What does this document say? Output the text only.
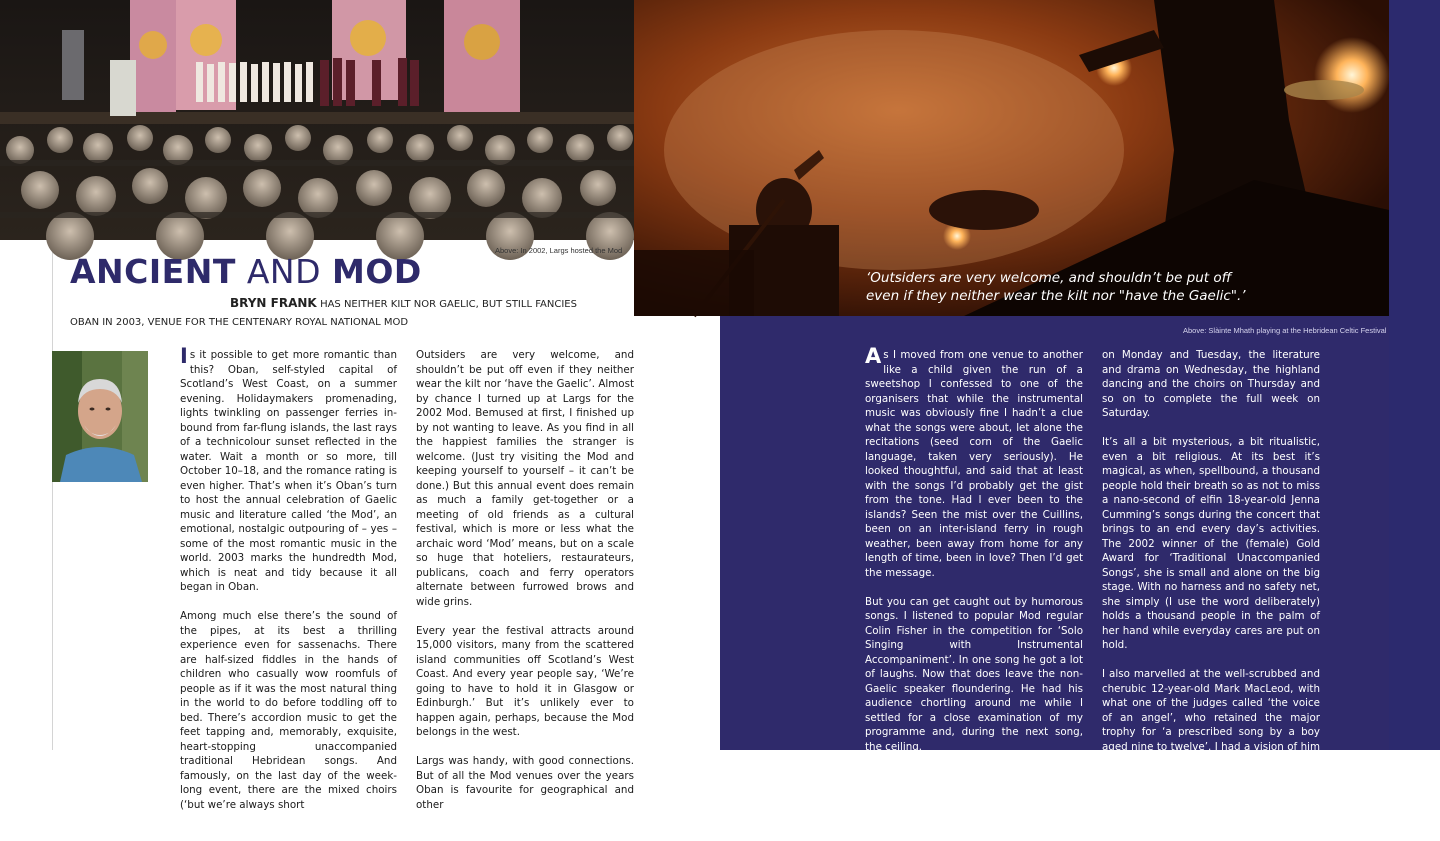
Above: In 2002, Largs hosted the Mod
‘Outsiders are very welcome, and shouldn’t be put off even if they neither wear the kilt nor "have the Gaelic".’
Above: Slàinte Mhath playing at the Hebridean Celtic Festival
ANCIENT AND MOD
BRYN FRANK HAS NEITHER KILT NOR GAELIC, BUT STILL FANCIES
OBAN IN 2003, VENUE FOR THE CENTENARY ROYAL NATIONAL MOD

Is it possible to get more romantic than this? Oban, self-styled capital of Scotland’s West Coast, on a summer evening. Holidaymakers promenading, lights twinkling on passenger ferries in-bound from far-flung islands, the last rays of a technicolour sunset reflected in the water. Wait a month or so more, till October 10–18, and the romance rating is even higher. That’s when it’s Oban’s turn to host the annual celebration of Gaelic music and literature called ‘the Mod’, an emotional, nostalgic outpouring of – yes – some of the most romantic music in the world. 2003 marks the hundredth Mod, which is neat and tidy because it all began in Oban.

Among much else there’s the sound of the pipes, at its best a thrilling experience even for sassenachs. There are half-sized fiddles in the hands of children who casually wow roomfuls of people as if it was the most natural thing in the world to do before toddling off to bed. There’s accordion music to get the feet tapping and, memorably, exquisite, heart-stopping unaccompanied traditional Hebridean songs. And famously, on the last day of the week-long event, there are the mixed choirs (‘but we’re always short

Outsiders are very welcome, and shouldn’t be put off even if they neither wear the kilt nor ‘have the Gaelic’. Almost by chance I turned up at Largs for the 2002 Mod. Bemused at first, I finished up by not wanting to leave. As you find in all the happiest families the stranger is welcome. (Just try visiting the Mod and keeping yourself to yourself – it can’t be done.) But this annual event does remain as much a family get-together or a meeting of old friends as a cultural festival, which is more or less what the archaic word ‘Mod’ means, but on a scale so huge that hoteliers, restaurateurs, publicans, coach and ferry operators alternate between furrowed brows and wide grins.

Every year the festival attracts around 15,000 visitors, many from the scattered island communities off Scotland’s West Coast. And every year people say, ‘We’re going to have to hold it in Glasgow or Edinburgh.’ But it’s unlikely ever to happen again, perhaps, because the Mod belongs in the west.

Largs was handy, with good connections. But of all the Mod venues over the years Oban is favourite for geographical and other

As I moved from one venue to another like a child given the run of a sweetshop I confessed to one of the organisers that while the instrumental music was obviously fine I hadn’t a clue what the songs were about, let alone the recitations (seed corn of the Gaelic language, taken very seriously). He looked thoughtful, and said that at least with the songs I’d probably get the gist from the tone. Had I ever been to the islands? Seen the mist over the Cuillins, been on an inter-island ferry in rough weather, been away from home for any length of time, been in love? Then I’d get the message.

But you can get caught out by humorous songs. I listened to popular Mod regular Colin Fisher in the competition for ‘Solo Singing with Instrumental Accompaniment’. In one song he got a lot of laughs. Now that does leave the non-Gaelic speaker floundering. He had his audience chortling around me while I settled for a close examination of my programme and, during the next song, the ceiling.

The highly structured programme makes it very visitor-friendly. Buy a day ticket and just follow your nose, though there’s a well laid

on Monday and Tuesday, the literature and drama on Wednesday, the highland dancing and the choirs on Thursday and so on to complete the full week on Saturday.

It’s all a bit mysterious, a bit ritualistic, even a bit religious. At its best it’s magical, as when, spellbound, a thousand people hold their breath so as not to miss a nano-second of elfin 18-year-old Jenna Cumming’s songs during the concert that brings to an end every day’s activities. The 2002 winner of the (female) Gold Award for ‘Traditional Unaccompanied Songs’, she is small and alone on the big stage. With no harness and no safety net, she simply (I use the word deliberately) holds a thousand people in the palm of her hand while everyday cares are put on hold.

I also marvelled at the well-scrubbed and cherubic 12-year-old Mark MacLeod, with what one of the judges called ‘the voice of an angel’, who retained the major trophy for ‘a prescribed song by a boy aged nine to twelve’. I had a vision of him communing precociously with nature at the bow of the ferry during the first part of the long journey from his home on the Isle of Lewis, but his
